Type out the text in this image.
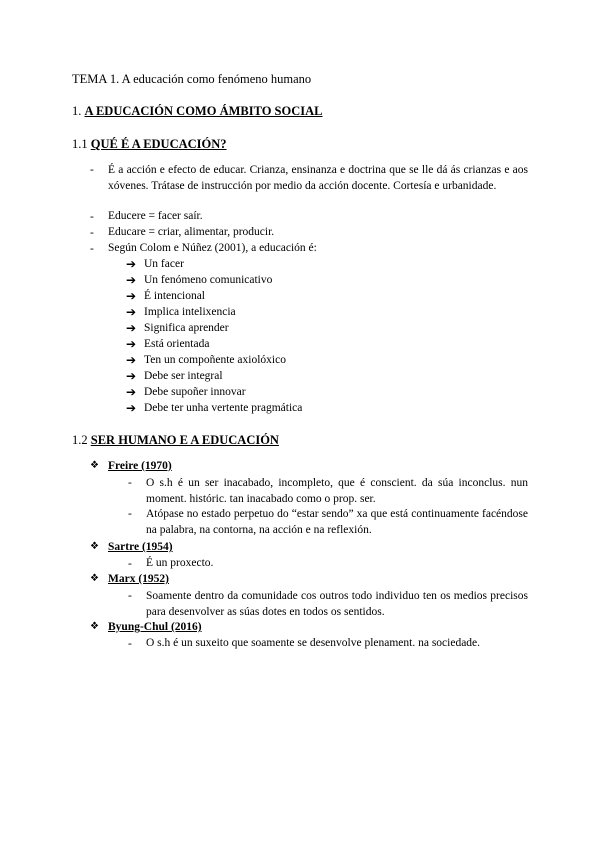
TEMA 1. A educación como fenómeno humano
1. A EDUCACIÓN COMO ÁMBITO SOCIAL
1.1 QUÉ É A EDUCACIÓN?
- É a acción e efecto de educar. Crianza, ensinanza e doctrina que se lle dá ás crianzas e aos xóvenes. Trátase de instrucción por medio da acción docente. Cortesía e urbanidade.
- Educere = facer saír.
- Educare = criar, alimentar, producir.
- Según Colom e Núñez (2001), a educación é:
➔ Un facer
➔ Un fenómeno comunicativo
➔ É intencional
➔ Implica intelixencia
➔ Significa aprender
➔ Está orientada
➔ Ten un compoñente axiolóxico
➔ Debe ser integral
➔ Debe supoñer innovar
➔ Debe ter unha vertente pragmática
1.2 SER HUMANO E A EDUCACIÓN
❖ Freire (1970)
- O s.h é un ser inacabado, incompleto, que é conscient. da súa inconclus. nun moment. históric. tan inacabado como o prop. ser.
- Atópase no estado perpetuo do “estar sendo” xa que está continuamente facéndose na palabra, na contorna, na acción e na reflexión.
❖ Sartre (1954)
- É un proxecto.
❖ Marx (1952)
- Soamente dentro da comunidade cos outros todo individuo ten os medios precisos para desenvolver as súas dotes en todos os sentidos.
❖ Byung-Chul (2016)
- O s.h é un suxeito que soamente se desenvolve plenament. na sociedade.
